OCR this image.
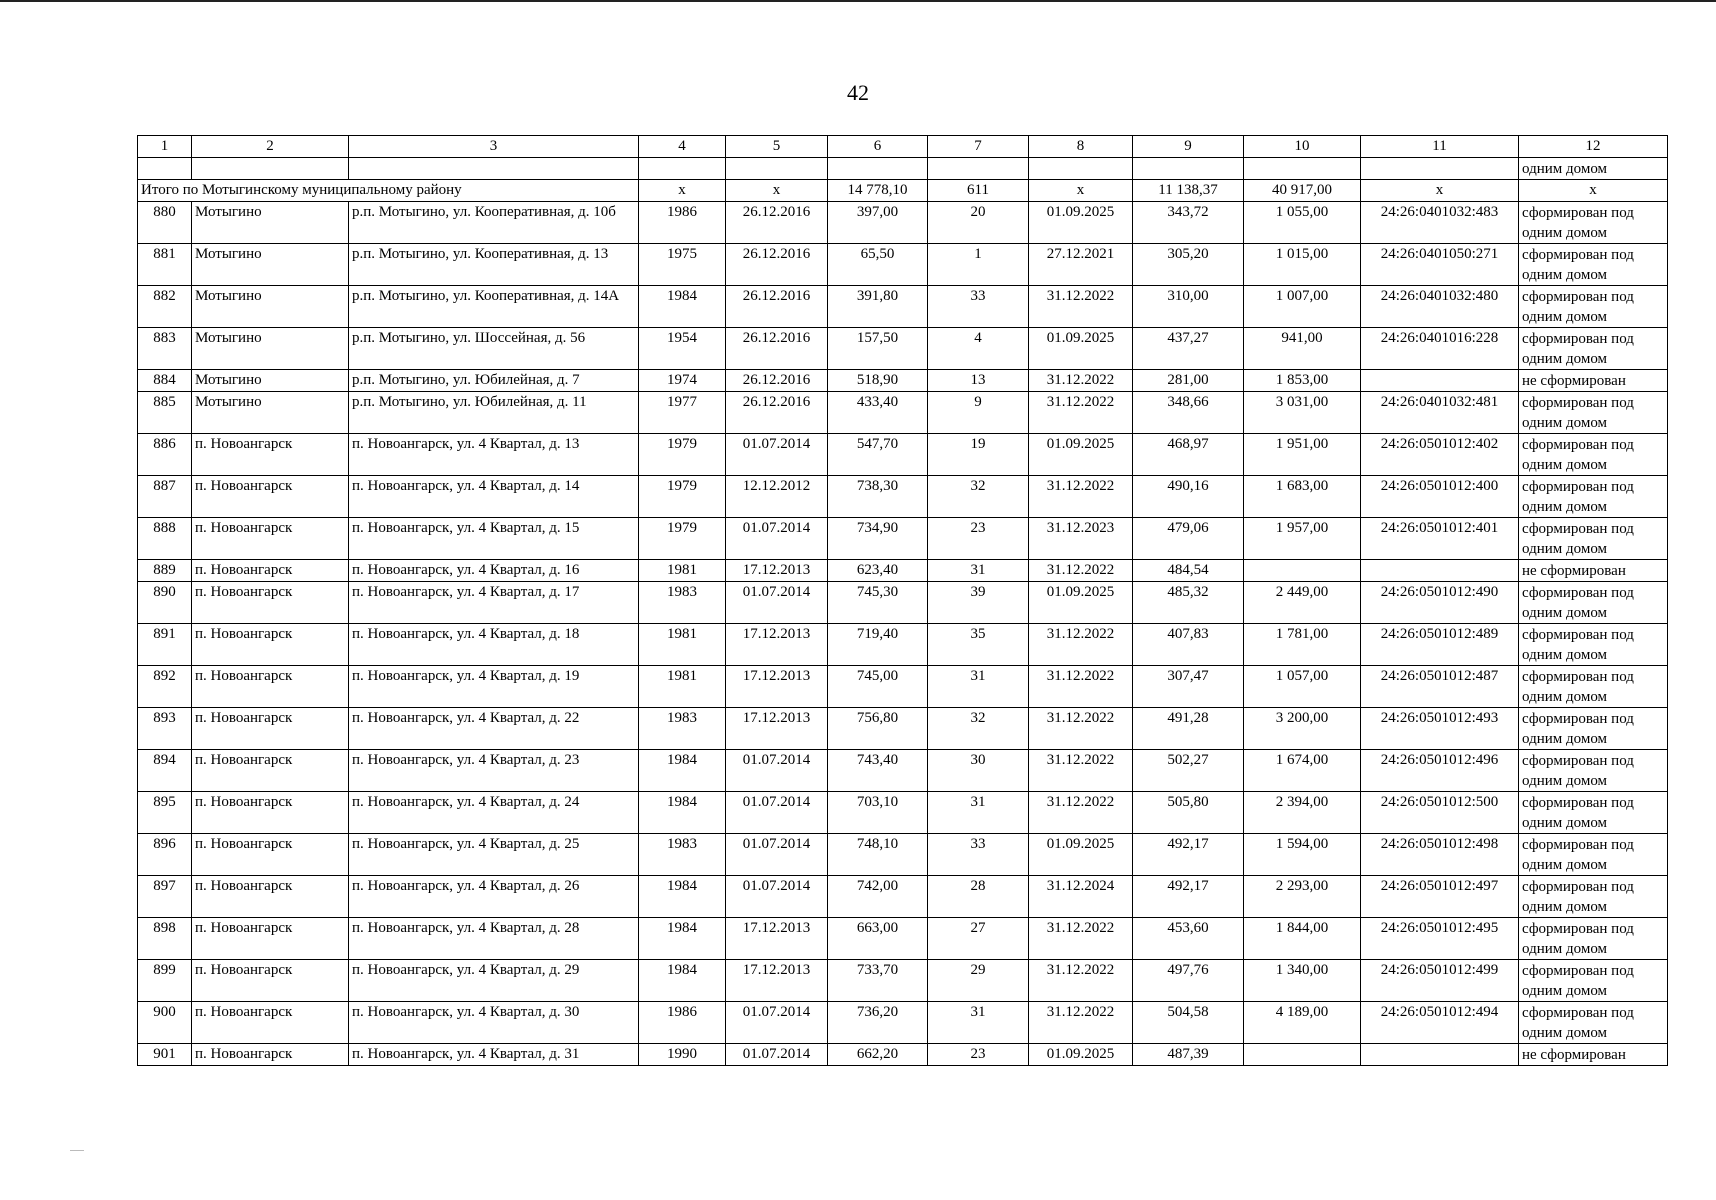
42
1	2	3	4	5	6	7	8	9	10	11	12
											одним домом
Итого по Мотыгинскому муниципальному району			х	х	14 778,10	611	х	11 138,37	40 917,00	х	х
880	Мотыгино	р.п. Мотыгино, ул. Кооперативная, д. 10б	1986	26.12.2016	397,00	20	01.09.2025	343,72	1 055,00	24:26:0401032:483	сформирован под одним домом
881	Мотыгино	р.п. Мотыгино, ул. Кооперативная, д. 13	1975	26.12.2016	65,50	1	27.12.2021	305,20	1 015,00	24:26:0401050:271	сформирован под одним домом
882	Мотыгино	р.п. Мотыгино, ул. Кооперативная, д. 14А	1984	26.12.2016	391,80	33	31.12.2022	310,00	1 007,00	24:26:0401032:480	сформирован под одним домом
883	Мотыгино	р.п. Мотыгино, ул. Шоссейная, д. 56	1954	26.12.2016	157,50	4	01.09.2025	437,27	941,00	24:26:0401016:228	сформирован под одним домом
884	Мотыгино	р.п. Мотыгино, ул. Юбилейная, д. 7	1974	26.12.2016	518,90	13	31.12.2022	281,00	1 853,00		не сформирован
885	Мотыгино	р.п. Мотыгино, ул. Юбилейная, д. 11	1977	26.12.2016	433,40	9	31.12.2022	348,66	3 031,00	24:26:0401032:481	сформирован под одним домом
886	п. Новоангарск	п. Новоангарск, ул. 4 Квартал, д. 13	1979	01.07.2014	547,70	19	01.09.2025	468,97	1 951,00	24:26:0501012:402	сформирован под одним домом
887	п. Новоангарск	п. Новоангарск, ул. 4 Квартал, д. 14	1979	12.12.2012	738,30	32	31.12.2022	490,16	1 683,00	24:26:0501012:400	сформирован под одним домом
888	п. Новоангарск	п. Новоангарск, ул. 4 Квартал, д. 15	1979	01.07.2014	734,90	23	31.12.2023	479,06	1 957,00	24:26:0501012:401	сформирован под одним домом
889	п. Новоангарск	п. Новоангарск, ул. 4 Квартал, д. 16	1981	17.12.2013	623,40	31	31.12.2022	484,54			не сформирован
890	п. Новоангарск	п. Новоангарск, ул. 4 Квартал, д. 17	1983	01.07.2014	745,30	39	01.09.2025	485,32	2 449,00	24:26:0501012:490	сформирован под одним домом
891	п. Новоангарск	п. Новоангарск, ул. 4 Квартал, д. 18	1981	17.12.2013	719,40	35	31.12.2022	407,83	1 781,00	24:26:0501012:489	сформирован под одним домом
892	п. Новоангарск	п. Новоангарск, ул. 4 Квартал, д. 19	1981	17.12.2013	745,00	31	31.12.2022	307,47	1 057,00	24:26:0501012:487	сформирован под одним домом
893	п. Новоангарск	п. Новоангарск, ул. 4 Квартал, д. 22	1983	17.12.2013	756,80	32	31.12.2022	491,28	3 200,00	24:26:0501012:493	сформирован под одним домом
894	п. Новоангарск	п. Новоангарск, ул. 4 Квартал, д. 23	1984	01.07.2014	743,40	30	31.12.2022	502,27	1 674,00	24:26:0501012:496	сформирован под одним домом
895	п. Новоангарск	п. Новоангарск, ул. 4 Квартал, д. 24	1984	01.07.2014	703,10	31	31.12.2022	505,80	2 394,00	24:26:0501012:500	сформирован под одним домом
896	п. Новоангарск	п. Новоангарск, ул. 4 Квартал, д. 25	1983	01.07.2014	748,10	33	01.09.2025	492,17	1 594,00	24:26:0501012:498	сформирован под одним домом
897	п. Новоангарск	п. Новоангарск, ул. 4 Квартал, д. 26	1984	01.07.2014	742,00	28	31.12.2024	492,17	2 293,00	24:26:0501012:497	сформирован под одним домом
898	п. Новоангарск	п. Новоангарск, ул. 4 Квартал, д. 28	1984	17.12.2013	663,00	27	31.12.2022	453,60	1 844,00	24:26:0501012:495	сформирован под одним домом
899	п. Новоангарск	п. Новоангарск, ул. 4 Квартал, д. 29	1984	17.12.2013	733,70	29	31.12.2022	497,76	1 340,00	24:26:0501012:499	сформирован под одним домом
900	п. Новоангарск	п. Новоангарск, ул. 4 Квартал, д. 30	1986	01.07.2014	736,20	31	31.12.2022	504,58	4 189,00	24:26:0501012:494	сформирован под одним домом
901	п. Новоангарск	п. Новоангарск, ул. 4 Квартал, д. 31	1990	01.07.2014	662,20	23	01.09.2025	487,39			не сформирован
